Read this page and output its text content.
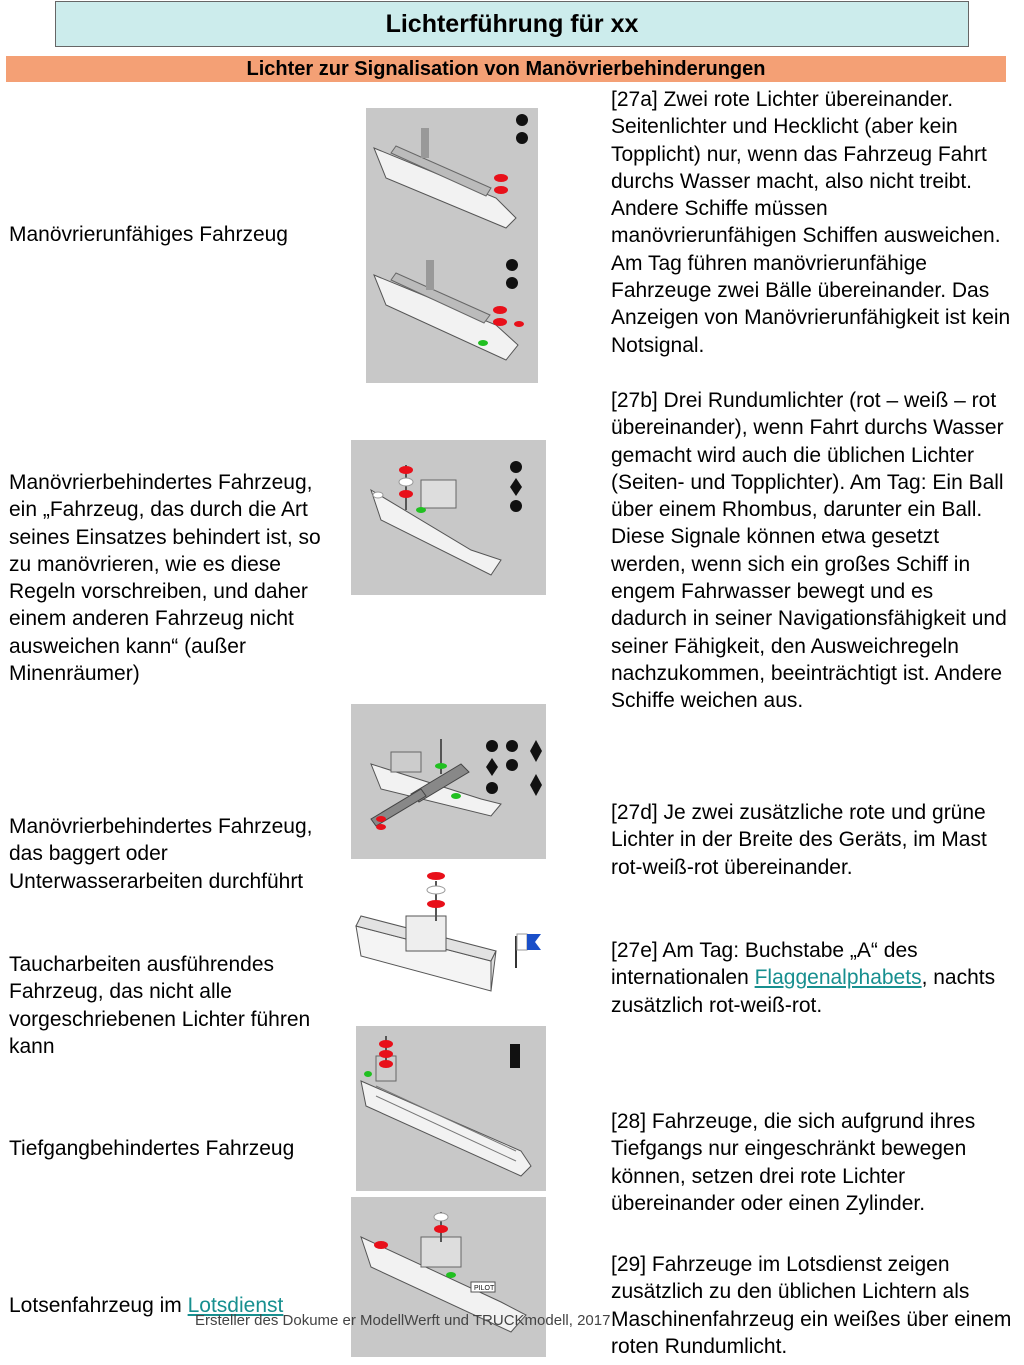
Lichterführung für xx
Lichter zur Signalisation von Manövrierbehinderungen
Manövrierunfähiges Fahrzeug
[27a] Zwei rote Lichter übereinander. Seitenlichter und Hecklicht (aber kein Topplicht) nur, wenn das Fahrzeug Fahrt durchs Wasser macht, also nicht treibt. Andere Schiffe müssen manövrierunfähigen Schiffen ausweichen. Am Tag führen manövrierunfähige Fahrzeuge zwei Bälle übereinander. Das Anzeigen von Manövrierunfähigkeit ist kein Notsignal.
Manövrierbehindertes Fahrzeug, ein „Fahrzeug, das durch die Art seines Einsatzes behindert ist, so zu manövrieren, wie es diese Regeln vorschreiben, und daher einem anderen Fahrzeug nicht ausweichen kann“ (außer Minenräumer)
[27b] Drei Rundumlichter (rot – weiß – rot übereinander), wenn Fahrt durchs Wasser gemacht wird auch die üblichen Lichter (Seiten- und Topplichter). Am Tag: Ein Ball über einem Rhombus, darunter ein Ball. Diese Signale können etwa gesetzt werden, wenn sich ein großes Schiff in engem Fahrwasser bewegt und es dadurch in seiner Navigationsfähigkeit und seiner Fähigkeit, den Ausweichregeln nachzukommen, beeinträchtigt ist. Andere Schiffe weichen aus.
Manövrierbehindertes Fahrzeug, das baggert oder Unterwasserarbeiten durchführt
[27d] Je zwei zusätzliche rote und grüne Lichter in der Breite des Geräts, im Mast rot-weiß-rot übereinander.
Taucharbeiten ausführendes Fahrzeug, das nicht alle vorgeschriebenen Lichter führen kann
[27e] Am Tag: Buchstabe „A“ des internationalen Flaggenalphabets, nachts zusätzlich rot-weiß-rot.
Tiefgangbehindertes Fahrzeug
[28] Fahrzeuge, die sich aufgrund ihres Tiefgangs nur eingeschränkt bewegen können, setzen drei rote Lichter übereinander oder einen Zylinder.
Lotsenfahrzeug im Lotsdienst
PILOT
[29] Fahrzeuge im Lotsdienst zeigen zusätzlich zu den üblichen Lichtern als Maschinenfahrzeug ein weißes über einem roten Rundumlicht.
Ersteller des Dokume er ModellWerft und TRUCKmodell, 2017
